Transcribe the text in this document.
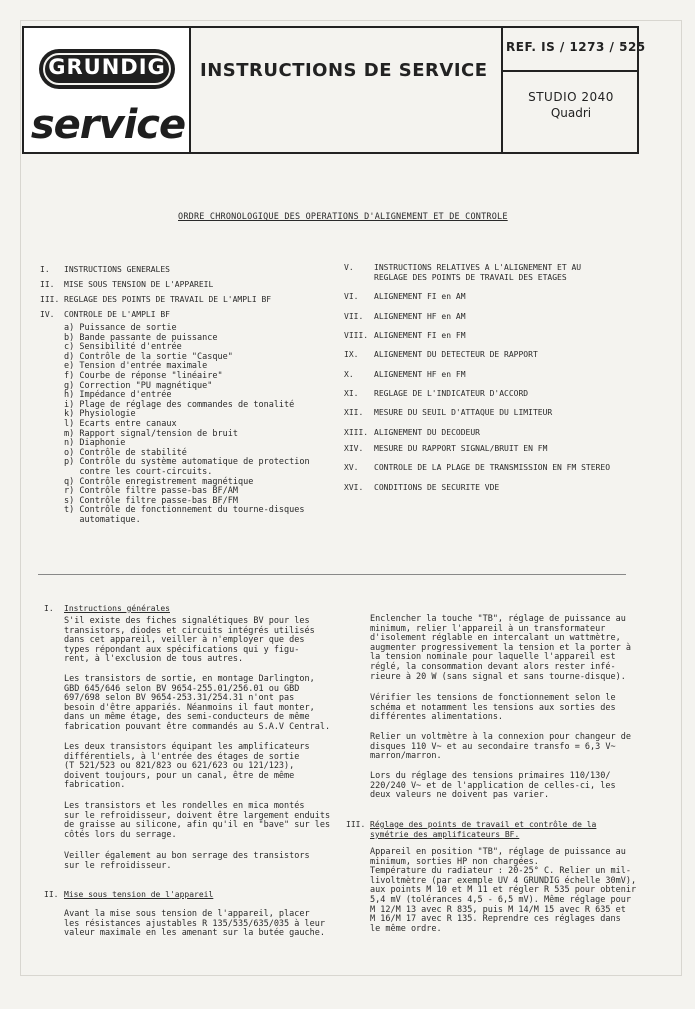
GRUNDIG
service
INSTRUCTIONS DE SERVICE
REF. IS / 1273 / 525
STUDIO 2040
Quadri
ORDRE CHRONOLOGIQUE DES OPERATIONS D'ALIGNEMENT ET DE CONTROLE
I. INSTRUCTIONS GENERALES
II. MISE SOUS TENSION DE L'APPAREIL
III. REGLAGE DES POINTS DE TRAVAIL DE L'AMPLI BF
IV. CONTROLE DE L'AMPLI BF
a) Puissance de sortie
b) Bande passante de puissance
c) Sensibilité d'entrée
d) Contrôle de la sortie "Casque"
e) Tension d'entrée maximale
f) Courbe de réponse "linéaire"
g) Correction "PU magnétique"
h) Impédance d'entrée
i) Plage de réglage des commandes de tonalité
k) Physiologie
l) Ecarts entre canaux
m) Rapport signal/tension de bruit
n) Diaphonie
o) Contrôle de stabilité
p) Contrôle du système automatique de protection
contre les court-circuits.
q) Contrôle enregistrement magnétique
r) Contrôle filtre passe-bas BF/AM
s) Contrôle filtre passe-bas BF/FM
t) Contrôle de fonctionnement du tourne-disques
automatique.
V.	INSTRUCTIONS RELATIVES A L'ALIGNEMENT ET AU
REGLAGE DES POINTS DE TRAVAIL DES ETAGES
VI. ALIGNEMENT FI en AM
VII. ALIGNEMENT HF en AM
VIII. ALIGNEMENT FI en FM
IX. ALIGNEMENT DU DETECTEUR DE RAPPORT
X.	ALIGNEMENT HF en FM
XI. REGLAGE DE L'INDICATEUR D'ACCORD
XII. MESURE DU SEUIL D'ATTAQUE DU LIMITEUR
XIII. ALIGNEMENT DU DECODEUR
XIV. MESURE DU RAPPORT SIGNAL/BRUIT EN FM
XV. CONTROLE DE LA PLAGE DE TRANSMISSION EN FM STEREO
XVI. CONDITIONS DE SECURITE VDE
I. Instructions générales
S'il existe des fiches signalétiques BV pour les
transistors, diodes et circuits intégrés utilisés
dans cet appareil, veiller à n'employer que des
types répondant aux spécifications qui y figu-
rent, à l'exclusion de tous autres.
Les transistors de sortie, en montage Darlington,
GBD 645/646 selon BV 9654-255.01/256.01 ou GBD
697/698 selon BV 9654-253.31/254.31 n'ont pas
besoin d'être appariés. Néanmoins il faut monter,
dans un même étage, des semi-conducteurs de même
fabrication pouvant être commandés au S.A.V Central.
Les deux transistors équipant les amplificateurs
différentiels, à l'entrée des étages de sortie
(T 521/523 ou 821/823 ou 621/623 ou 121/123),
doivent toujours, pour un canal, être de même
fabrication.
Les transistors et les rondelles en mica montés
sur le refroidisseur, doivent être largement enduits
de graisse au silicone, afin qu'il en "bave" sur les
côtés lors du serrage.
Veiller également au bon serrage des transistors
sur le refroidisseur.
II. Mise sous tension de l'appareil
Avant la mise sous tension de l'appareil, placer
les résistances ajustables R 135/535/635/035 à leur
valeur maximale en les amenant sur la butée gauche.
Enclencher la touche "TB", réglage de puissance au
minimum, relier l'appareil à un transformateur
d'isolement réglable en intercalant un wattmètre,
augmenter progressivement la tension et la porter à
la tension nominale pour laquelle l'appareil est
réglé, la consommation devant alors rester infé-
rieure à 20 W (sans signal et sans tourne-disque).
Vérifier les tensions de fonctionnement selon le
schéma et notamment les tensions aux sorties des
différentes alimentations.
Relier un voltmètre à la connexion pour changeur de
disques 110 V~ et au secondaire transfo = 6,3 V~
marron/marron.
Lors du réglage des tensions primaires 110/130/
220/240 V~ et de l'application de celles-ci, les
deux valeurs ne doivent pas varier.
III. Réglage des points de travail et contrôle de la
symétrie des amplificateurs BF.
Appareil en position "TB", réglage de puissance au
minimum, sorties HP non chargées.
Température du radiateur : 20-25° C. Relier un mil-
livoltmètre (par exemple UV 4 GRUNDIG échelle 30mV),
aux points M 10 et M 11 et régler R 535 pour obtenir
5,4 mV (tolérances 4,5 - 6,5 mV). Même réglage pour
M 12/M 13 avec R 835, puis M 14/M 15 avec R 635 et
M 16/M 17 avec R 135. Reprendre ces réglages dans
le même ordre.
